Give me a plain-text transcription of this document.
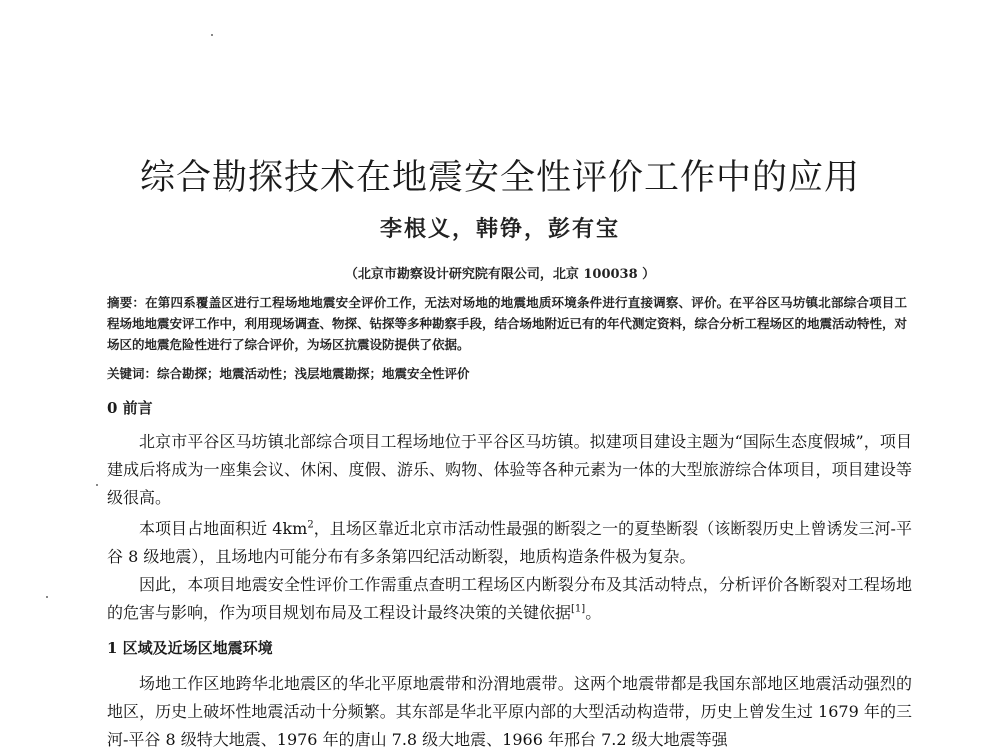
综合勘探技术在地震安全性评价工作中的应用
李根义，韩铮，彭有宝
（北京市勘察设计研究院有限公司，北京 100038 ）
摘要：在第四系覆盖区进行工程场地地震安全评价工作，无法对场地的地震地质环境条件进行直接调察、评价。在平谷区马坊镇北部综合项目工程场地地震安评工作中，利用现场调查、物探、钻探等多种勘察手段，结合场地附近已有的年代测定资料，综合分析工程场区的地震活动特性，对场区的地震危险性进行了综合评价，为场区抗震设防提供了依据。
关键词：综合勘探；地震活动性；浅层地震勘探；地震安全性评价
0 前言
北京市平谷区马坊镇北部综合项目工程场地位于平谷区马坊镇。拟建项目建设主题为“国际生态度假城”，项目建成后将成为一座集会议、休闲、度假、游乐、购物、体验等各种元素为一体的大型旅游综合体项目，项目建设等级很高。
本项目占地面积近 $4km^2$，且场区靠近北京市活动性最强的断裂之一的夏垫断裂（该断裂历史上曾诱发三河-平谷 8 级地震），且场地内可能分布有多条第四纪活动断裂，地质构造条件极为复杂。
因此，本项目地震安全性评价工作需重点查明工程场区内断裂分布及其活动特点，分析评价各断裂对工程场地的危害与影响，作为项目规划布局及工程设计最终决策的关键依据[1]。
1 区域及近场区地震环境
场地工作区地跨华北地震区的华北平原地震带和汾渭地震带。这两个地震带都是我国东部地区地震活动强烈的地区，历史上破坏性地震活动十分频繁。其东部是华北平原内部的大型活动构造带，历史上曾发生过 1679 年的三河-平谷 8 级特大地震、1976 年的唐山 7.8 级大地震、1966 年邢台 7.2 级大地震等强
